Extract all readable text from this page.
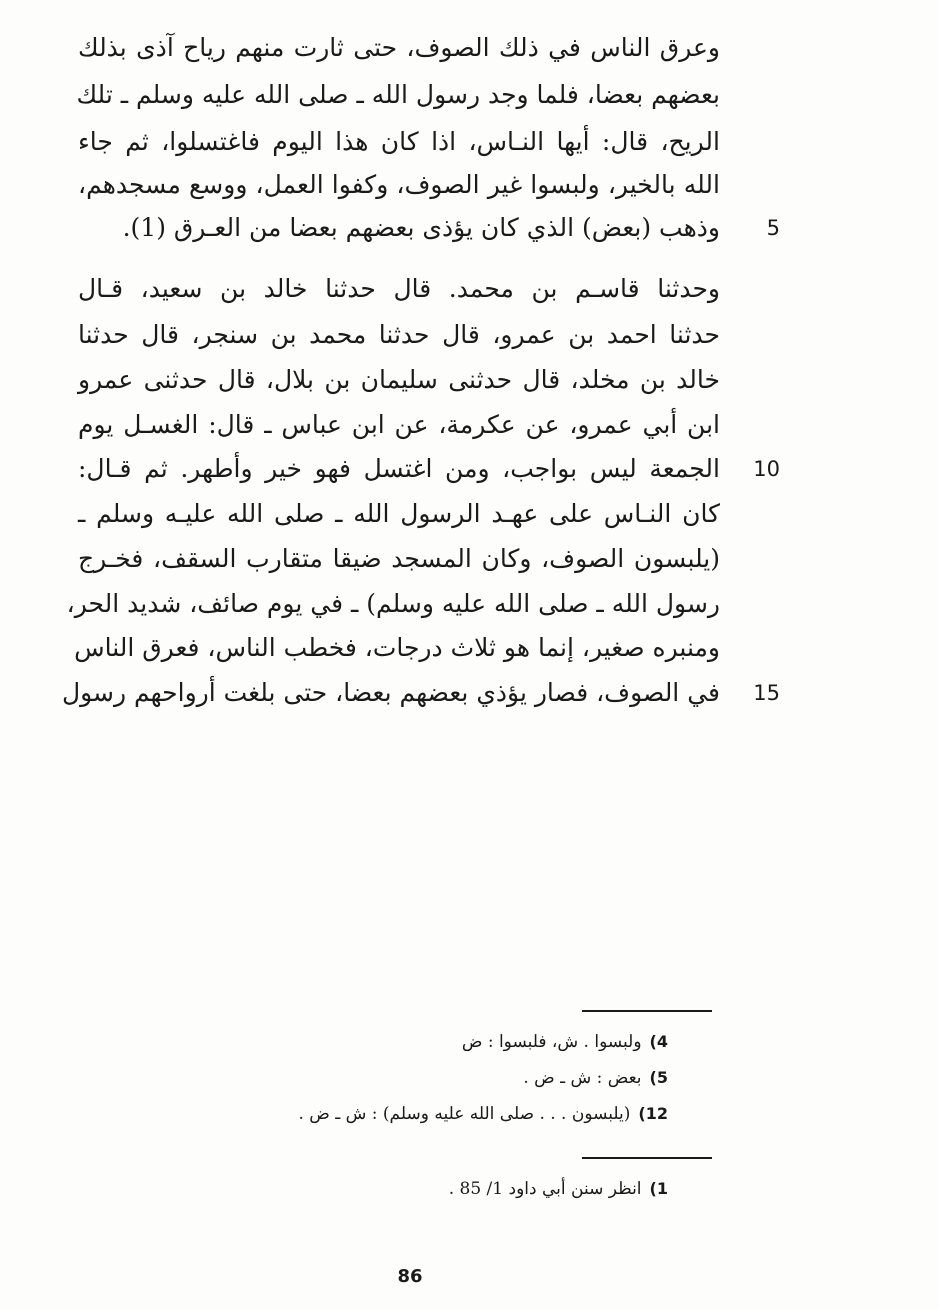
وعرق الناس في ذلك الصوف، حتى ثارت منهم رياح آذى بذلك
بعضهم بعضا، فلما وجد رسول الله ـ صلى الله عليه وسلم ـ تلك
الريح، قال: أيها النـاس، اذا كان هذا اليوم فاغتسلوا، ثم جاء
الله بالخير، ولبسوا غير الصوف، وكفوا العمل، ووسع مسجدهم،
وذهب (بعض) الذي كان يؤذى بعضهم بعضا من العـرق (1).	5
وحدثنا قاسـم بن محمد. قال حدثنا خالد بن سعيد، قـال
حدثنا احمد بن عمرو، قال حدثنا محمد بن سنجر، قال حدثنا
خالد بن مخلد، قال حدثنى سليمان بن بلال، قال حدثنى عمرو
ابن أبي عمرو، عن عكرمة، عن ابن عباس ـ قال: الغسـل يوم
الجمعة ليس بواجب، ومن اغتسل فهو خير وأطهر. ثم قـال:	10
كان النـاس على عهـد الرسول الله ـ صلى الله عليـه وسلم ـ
(يلبسون الصوف، وكان المسجد ضيقا متقارب السقف، فخـرج
رسول الله ـ صلى الله عليه وسلم) ـ في يوم صائف، شديد الحر،
ومنبره صغير، إنما هو ثلاث درجات، فخطب الناس، فعرق الناس
في الصوف، فصار يؤذي بعضهم بعضا، حتى بلغت أرواحهم رسول	15
4)ولبسوا . ش، فلبسوا : ض
5)بعض : ش ـ ض .
12)(يلبسون . . . صلى الله عليه وسلم) : ش ـ ض .
1)انظر سنن أبي داود 1/ 85 .
86
